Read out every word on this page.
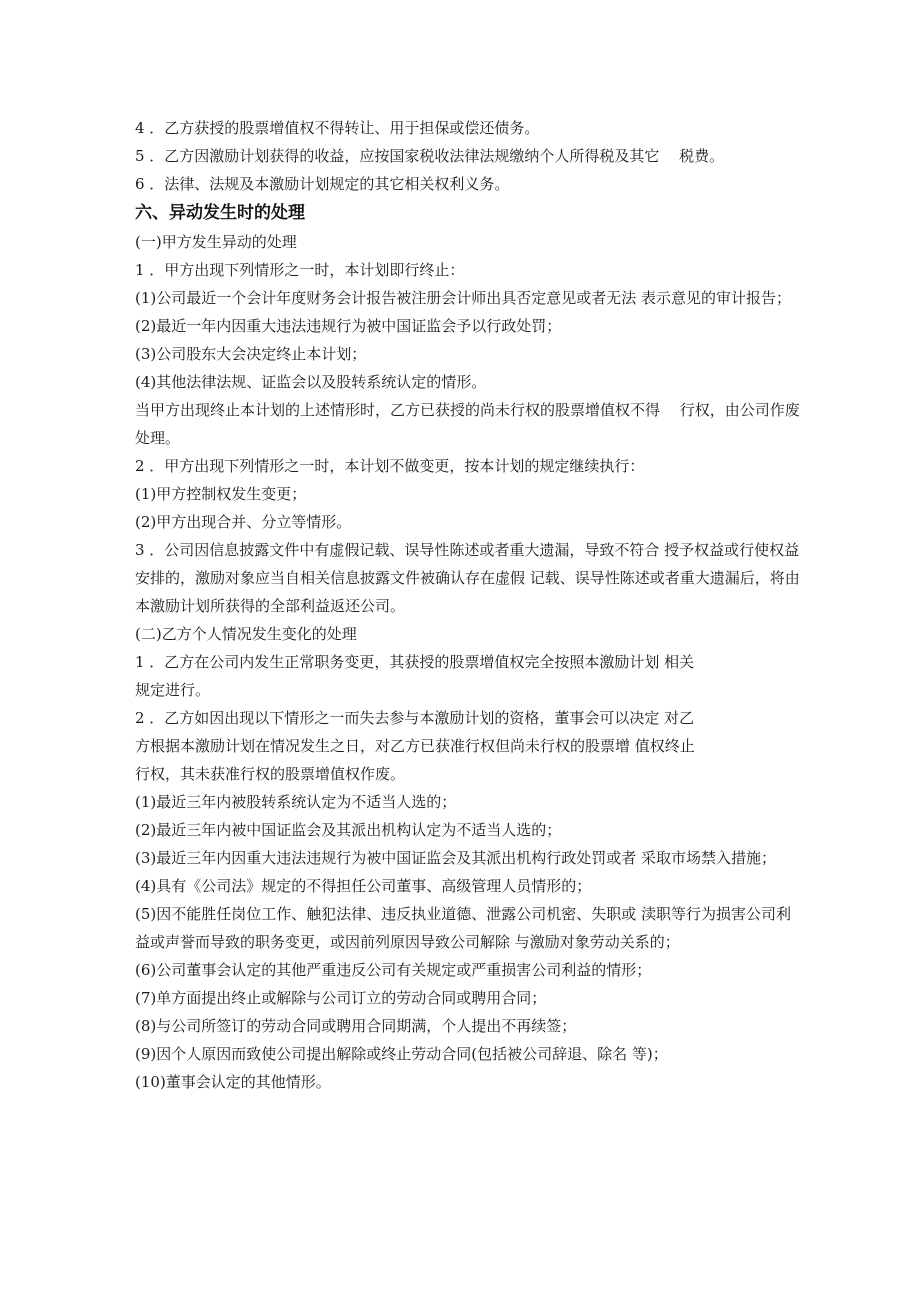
4 ．乙方获授的股票增值权不得转让、用于担保或偿还债务。

5 ．乙方因激励计划获得的收益，应按国家税收法律法规缴纳个人所得税及其它　 税费。

6 ．法律、法规及本激励计划规定的其它相关权利义务。

六、异动发生时的处理

(一)甲方发生异动的处理

1 ．甲方出现下列情形之一时，本计划即行终止：

(1)公司最近一个会计年度财务会计报告被注册会计师出具否定意见或者无法 表示意见的审计报告；

(2)最近一年内因重大违法违规行为被中国证监会予以行政处罚；

(3)公司股东大会决定终止本计划；

(4)其他法律法规、证监会以及股转系统认定的情形。

当甲方出现终止本计划的上述情形时，乙方已获授的尚未行权的股票增值权不得　 行权，由公司作废处理。

2 ．甲方出现下列情形之一时，本计划不做变更，按本计划的规定继续执行：

(1)甲方控制权发生变更；

(2)甲方出现合并、分立等情形。

3 ．公司因信息披露文件中有虚假记载、误导性陈述或者重大遗漏，导致不符合 授予权益或行使权益安排的，激励对象应当自相关信息披露文件被确认存在虚假 记载、误导性陈述或者重大遗漏后，将由本激励计划所获得的全部利益返还公司。

(二)乙方个人情况发生变化的处理

1 ．乙方在公司内发生正常职务变更，其获授的股票增值权完全按照本激励计划 相关
规定进行。

2 ．乙方如因出现以下情形之一而失去参与本激励计划的资格，董事会可以决定 对乙
方根据本激励计划在情况发生之日，对乙方已获准行权但尚未行权的股票增 值权终止
行权，其未获准行权的股票增值权作废。

(1)最近三年内被股转系统认定为不适当人选的；

(2)最近三年内被中国证监会及其派出机构认定为不适当人选的；

(3)最近三年内因重大违法违规行为被中国证监会及其派出机构行政处罚或者 采取市场禁入措施；

(4)具有《公司法》规定的不得担任公司董事、高级管理人员情形的；

(5)因不能胜任岗位工作、触犯法律、违反执业道德、泄露公司机密、失职或 渎职等行为损害公司利益或声誉而导致的职务变更，或因前列原因导致公司解除 与激励对象劳动关系的；

(6)公司董事会认定的其他严重违反公司有关规定或严重损害公司利益的情形；

(7)单方面提出终止或解除与公司订立的劳动合同或聘用合同；

(8)与公司所签订的劳动合同或聘用合同期满，个人提出不再续签；

(9)因个人原因而致使公司提出解除或终止劳动合同(包括被公司辞退、除名 等)；

(10)董事会认定的其他情形。
